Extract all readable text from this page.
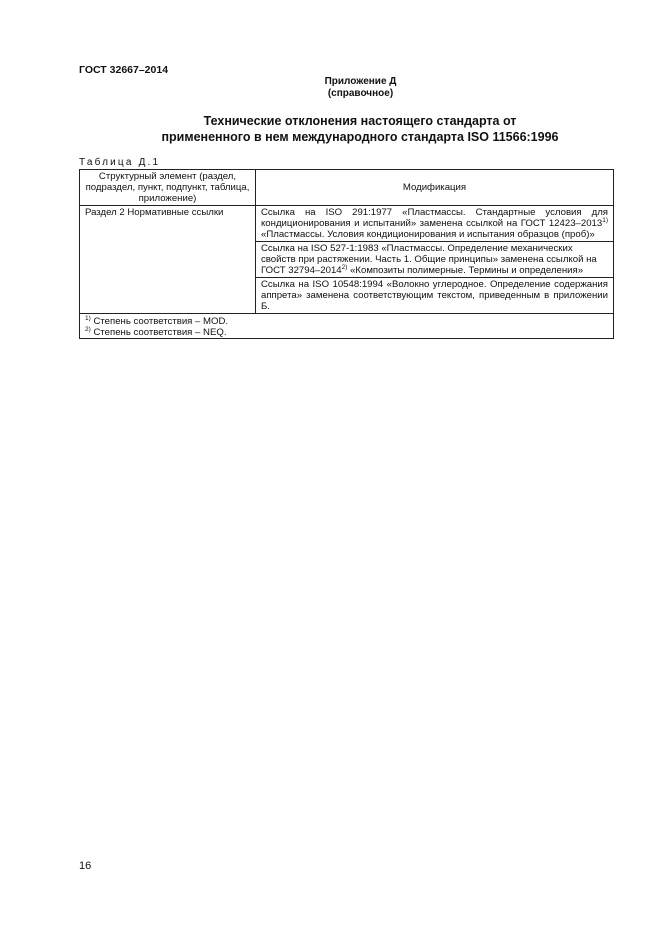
ГОСТ 32667–2014
Приложение Д
(справочное)
Технические отклонения настоящего стандарта от
примененного в нем международного стандарта ISO 11566:1996
Таблица Д.1
Структурный элемент (раздел, подраздел, пункт, подпункт, таблица, приложение)	Модификация
Раздел 2 Нормативные ссылки	Ссылка на ISO 291:1977 «Пластмассы. Стандартные условия для кондиционирования и испытаний» заменена ссылкой на ГОСТ 12423–2013$^{1)}$ «Пластмассы. Условия кондиционирования и испытания образцов (проб)»
	Ссылка на ISO 527-1:1983 «Пластмассы. Определение механических свойств при растяжении. Часть 1. Общие принципы» заменена ссылкой на ГОСТ 32794–2014$^{2)}$ «Композиты полимерные. Термины и определения»
	Ссылка на ISO 10548:1994 «Волокно углеродное. Определение содержания аппрета» заменена соответствующим текстом, приведенным в приложении Б.

$^{1)}$ Степень соответствия – MOD.
$^{2)}$ Степень соответствия – NEQ.	
16
